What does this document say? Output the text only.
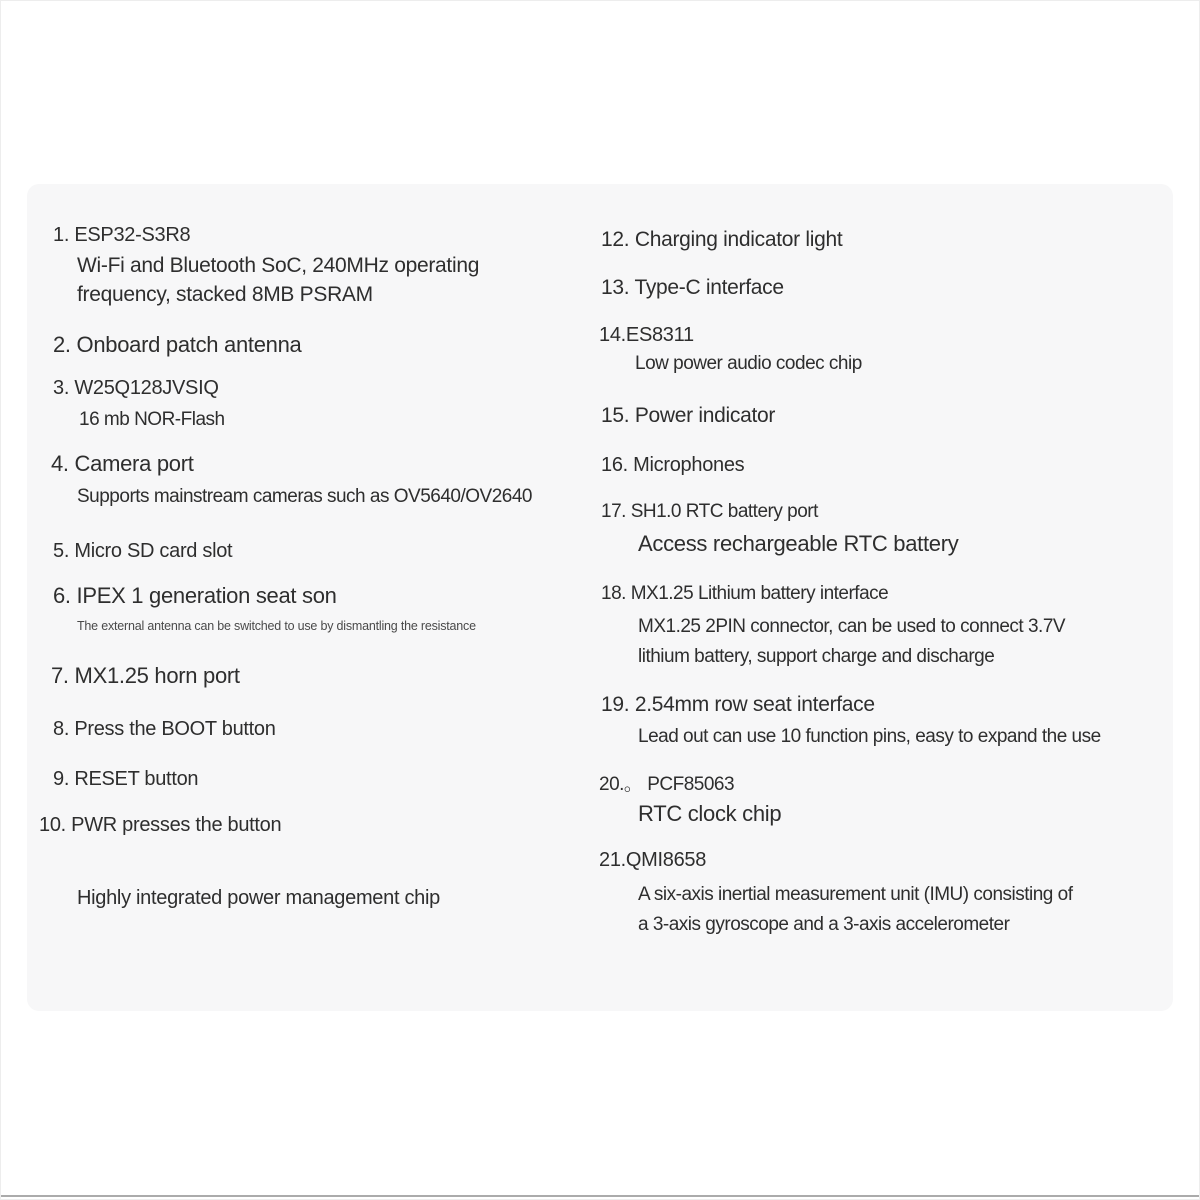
1. ESP32-S3R8
Wi-Fi and Bluetooth SoC, 240MHz operating
frequency, stacked 8MB PSRAM
2. Onboard patch antenna
3. W25Q128JVSIQ
16 mb NOR-Flash
4. Camera port
Supports mainstream cameras such as OV5640/OV2640
5. Micro SD card slot
6. IPEX 1 generation seat son
The external antenna can be switched to use by dismantling the resistance
7. MX1.25 horn port
8. Press the BOOT button
9. RESET button
10. PWR presses the button
Highly integrated power management chip
12. Charging indicator light
13. Type-C interface
14.ES8311
Low power audio codec chip
15. Power indicator
16. Microphones
17. SH1.0 RTC battery port
Access rechargeable RTC battery
18. MX1.25 Lithium battery interface
MX1.25 2PIN connector, can be used to connect 3.7V
lithium battery, support charge and discharge
19. 2.54mm row seat interface
Lead out can use 10 function pins, easy to expand the use
20.。 PCF85063
RTC clock chip
21.QMI8658
A six-axis inertial measurement unit (IMU) consisting of
a 3-axis gyroscope and a 3-axis accelerometer
